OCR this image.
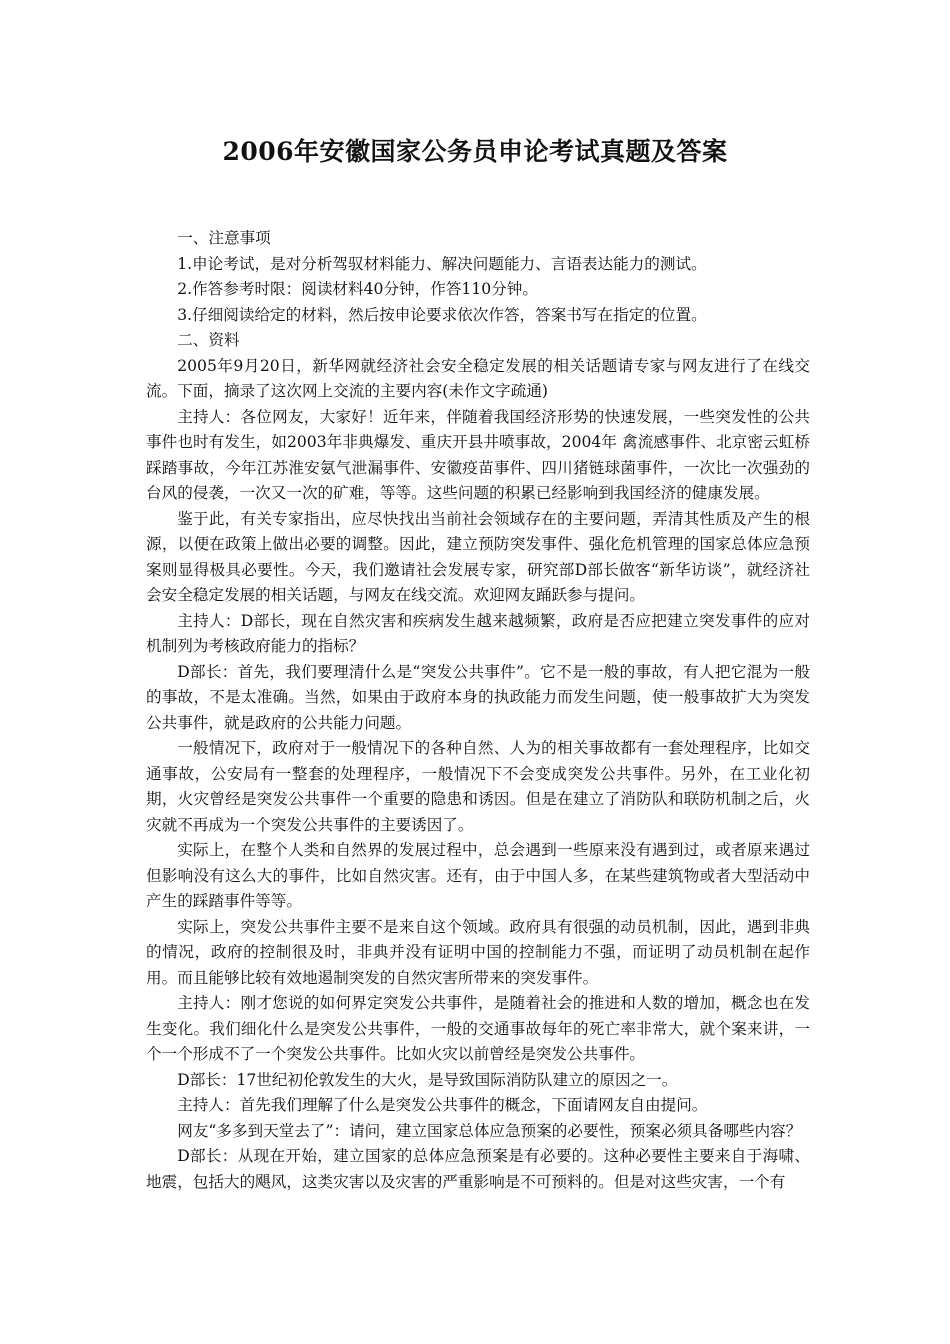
2006年安徽国家公务员申论考试真题及答案

一、注意事项

1.申论考试，是对分析驾驭材料能力、解决问题能力、言语表达能力的测试。

2.作答参考时限：阅读材料40分钟，作答110分钟。

3.仔细阅读给定的材料，然后按申论要求依次作答，答案书写在指定的位置。

二、资料

2005年9月20日，新华网就经济社会安全稳定发展的相关话题请专家与网友进行了在线交流。下面，摘录了这次网上交流的主要内容(未作文字疏通)

主持人：各位网友，大家好！近年来，伴随着我国经济形势的快速发展，一些突发性的公共事件也时有发生，如2003年非典爆发、重庆开县井喷事故，2004年 禽流感事件、北京密云虹桥踩踏事故，今年江苏淮安氨气泄漏事件、安徽疫苗事件、四川猪链球菌事件，一次比一次强劲的台风的侵袭，一次又一次的矿难，等等。这些问题的积累已经影响到我国经济的健康发展。

鉴于此，有关专家指出，应尽快找出当前社会领域存在的主要问题，弄清其性质及产生的根源，以便在政策上做出必要的调整。因此，建立预防突发事件、强化危机管理的国家总体应急预案则显得极具必要性。今天，我们邀请社会发展专家，研究部D部长做客“新华访谈”，就经济社会安全稳定发展的相关话题，与网友在线交流。欢迎网友踊跃参与提问。

主持人：D部长，现在自然灾害和疾病发生越来越频繁，政府是否应把建立突发事件的应对机制列为考核政府能力的指标？

D部长：首先，我们要理清什么是“突发公共事件”。它不是一般的事故，有人把它混为一般的事故，不是太准确。当然，如果由于政府本身的执政能力而发生问题，使一般事故扩大为突发公共事件，就是政府的公共能力问题。

一般情况下，政府对于一般情况下的各种自然、人为的相关事故都有一套处理程序，比如交通事故，公安局有一整套的处理程序，一般情况下不会变成突发公共事件。另外，在工业化初期，火灾曾经是突发公共事件一个重要的隐患和诱因。但是在建立了消防队和联防机制之后，火灾就不再成为一个突发公共事件的主要诱因了。

实际上，在整个人类和自然界的发展过程中，总会遇到一些原来没有遇到过，或者原来遇过但影响没有这么大的事件，比如自然灾害。还有，由于中国人多，在某些建筑物或者大型活动中产生的踩踏事件等等。

实际上，突发公共事件主要不是来自这个领域。政府具有很强的动员机制，因此，遇到非典的情况，政府的控制很及时，非典并没有证明中国的控制能力不强，而证明了动员机制在起作用。而且能够比较有效地遏制突发的自然灾害所带来的突发事件。

主持人：刚才您说的如何界定突发公共事件，是随着社会的推进和人数的增加，概念也在发生变化。我们细化什么是突发公共事件，一般的交通事故每年的死亡率非常大，就个案来讲，一个一个形成不了一个突发公共事件。比如火灾以前曾经是突发公共事件。

D部长：17世纪初伦敦发生的大火，是导致国际消防队建立的原因之一。

主持人：首先我们理解了什么是突发公共事件的概念，下面请网友自由提问。

网友“多多到天堂去了”：请问，建立国家总体应急预案的必要性，预案必须具备哪些内容？

D部长：从现在开始，建立国家的总体应急预案是有必要的。这种必要性主要来自于海啸、地震，包括大的飓风，这类灾害以及灾害的严重影响是不可预料的。但是对这些灾害，一个有
